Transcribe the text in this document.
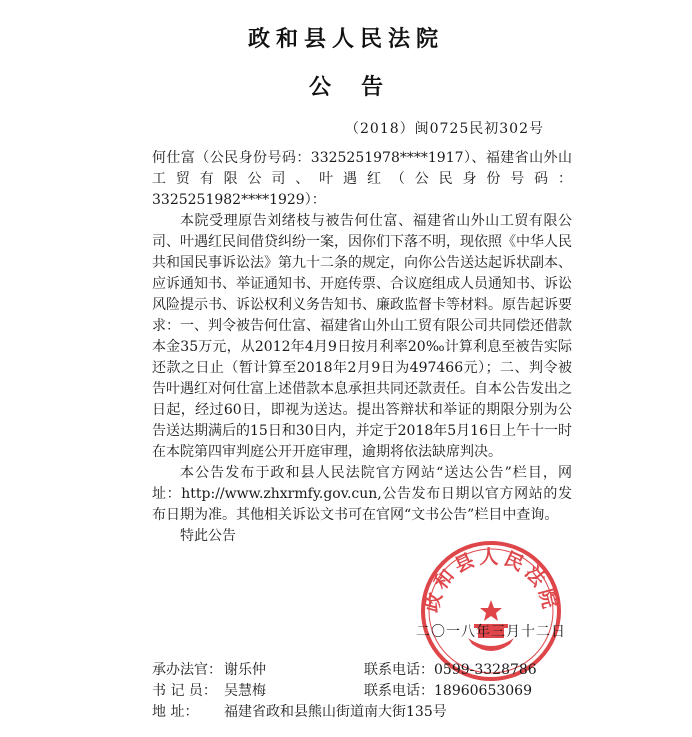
政和县人民法院
公告
（2018）闽0725民初302号

何仕富（公民身份号码：3325251978****1917）、福建省山外山工贸有限公司、叶遇红（公民身份号码：3325251982****1929）：

本院受理原告刘绪枝与被告何仕富、福建省山外山工贸有限公司、叶遇红民间借贷纠纷一案，因你们下落不明，现依照《中华人民共和国民事诉讼法》第九十二条的规定，向你公告送达起诉状副本、应诉通知书、举证通知书、开庭传票、合议庭组成人员通知书、诉讼风险提示书、诉讼权利义务告知书、廉政监督卡等材料。原告起诉要求：一、判令被告何仕富、福建省山外山工贸有限公司共同偿还借款本金35万元，从2012年4月9日按月利率20‰计算利息至被告实际还款之日止（暂计算至2018年2月9日为497466元）；二、判令被告叶遇红对何仕富上述借款本息承担共同还款责任。自本公告发出之日起，经过60日，即视为送达。提出答辩状和举证的期限分别为公告送达期满后的15日和30日内，并定于2018年5月16日上午十一时在本院第四审判庭公开开庭审理，逾期将依法缺席判决。

本公告发布于政和县人民法院官方网站“送达公告”栏目，网址：http://www.zhxrmfy.gov.cun,公告发布日期以官方网站的发布日期为准。其他相关诉讼文书可在官网“文书公告”栏目中查询。

特此公告

政和县人民法院
二〇一八年三月十二日
承办法官： 谢乐仲	联系电话：0599-3328786
书 记 员： 吴慧梅	联系电话：18960653069
地 址： 福建省政和县熊山街道南大街135号
